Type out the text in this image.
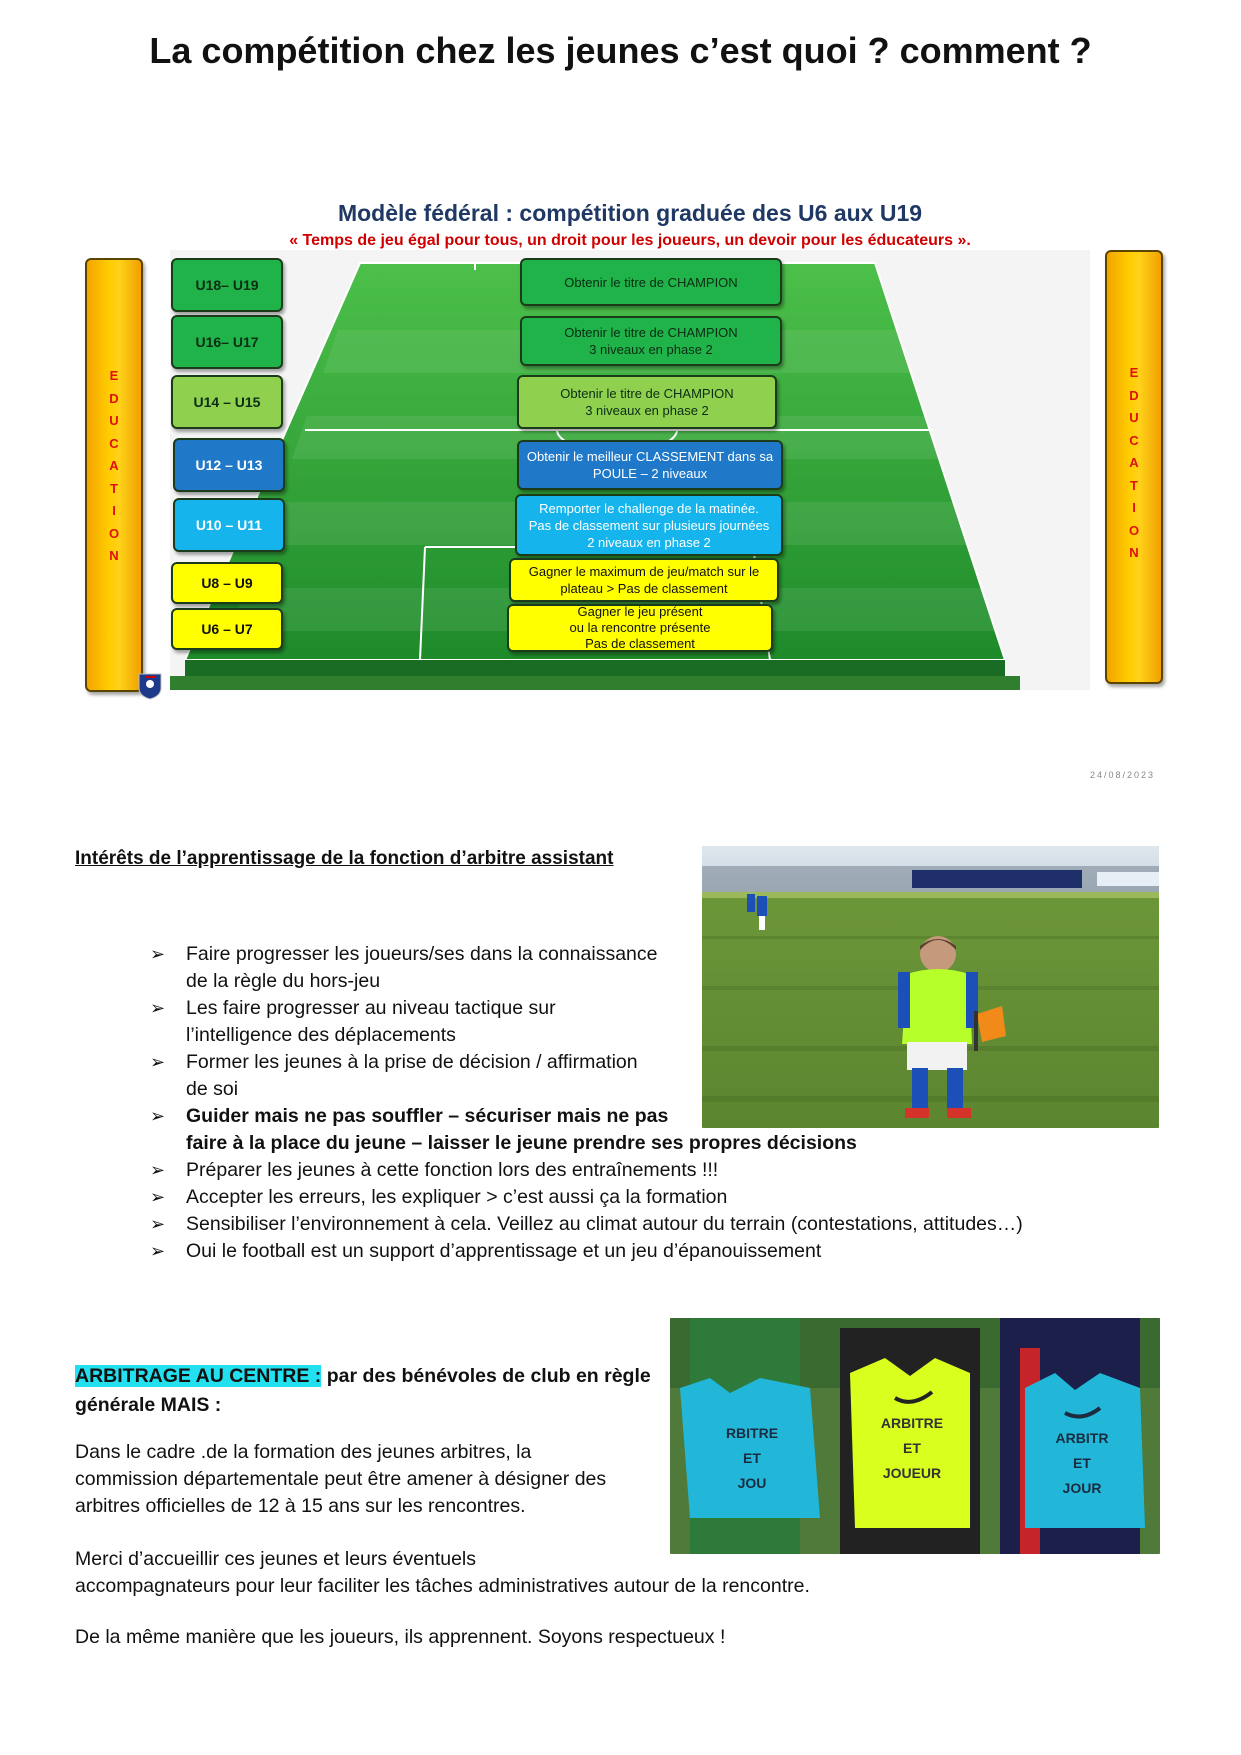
La compétition chez les jeunes c’est quoi ? comment ?
Modèle fédéral : compétition graduée des U6 aux U19
« Temps de jeu égal pour tous, un droit pour les joueurs, un devoir pour les éducateurs ».
E
D
U
C
A
T
I
O
N
E
D
U
C
A
T
I
O
N
U18– U19
U16– U17
U14 – U15
U12 – U13
U10 – U11
U8 – U9
U6 – U7
Obtenir le titre de CHAMPION
Obtenir le titre de CHAMPION
3 niveaux en phase 2
Obtenir le titre de CHAMPION
3 niveaux en phase 2
Obtenir le meilleur CLASSEMENT dans sa
POULE – 2 niveaux
Remporter le challenge de la matinée.
Pas de classement sur plusieurs journées
2 niveaux en phase 2
Gagner le maximum de jeu/match sur le
plateau > Pas de classement
Gagner le jeu présent
ou la rencontre présente
Pas de classement
24/08/2023
Intérêts de l’apprentissage de la fonction d’arbitre assistant
➢ Faire progresser les joueurs/ses dans la connaissance
de la règle du hors-jeu
➢ Les faire progresser au niveau tactique sur
l’intelligence des déplacements
➢ Former les jeunes à la prise de décision / affirmation
de soi
➢ Guider mais ne pas souffler – sécuriser mais ne pas
faire à la place du jeune – laisser le jeune prendre ses propres décisions
➢ Préparer les jeunes à cette fonction lors des entraînements !!!
➢ Accepter les erreurs, les expliquer > c’est aussi ça la formation
➢ Sensibiliser l’environnement à cela. Veillez au climat autour du terrain (contestations, attitudes…)
➢ Oui le football est un support d’apprentissage et un jeu d’épanouissement
RBITRE
ET
JOU
ARBITRE
ET
JOUEUR
ARBITR
ET
JOUR
ARBITRAGE AU CENTRE : par des bénévoles de club en règle
générale MAIS :

Dans le cadre .de la formation des jeunes arbitres, la
commission départementale peut être amener à désigner des
arbitres officielles de 12 à 15 ans sur les rencontres.

Merci d’accueillir ces jeunes et leurs éventuels
accompagnateurs pour leur faciliter les tâches administratives autour de la rencontre.

De la même manière que les joueurs, ils apprennent. Soyons respectueux !
